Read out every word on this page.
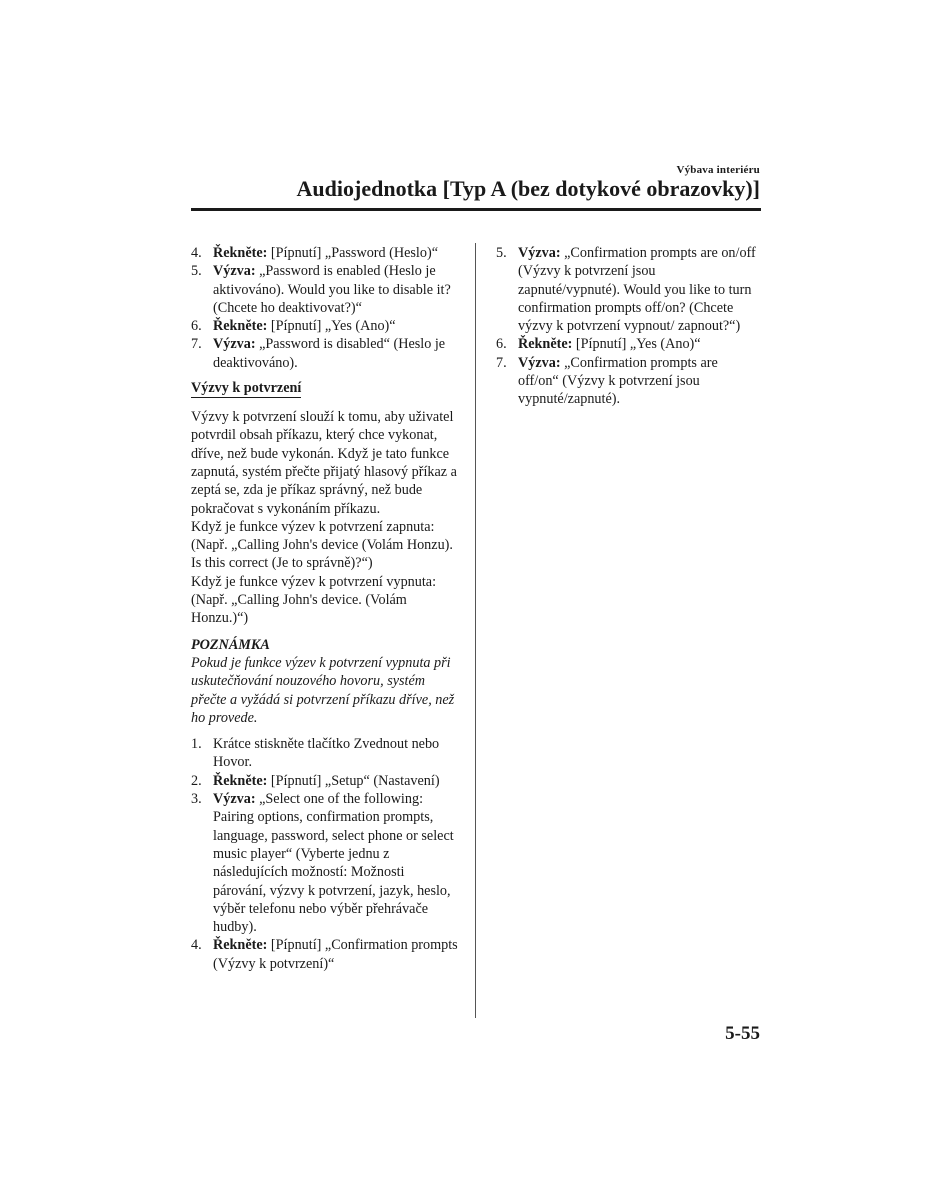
Výbava interiéru
Audiojednotka [Typ A (bez dotykové obrazovky)]
4. Řekněte: [Pípnutí] „Password (Heslo)“
5. Výzva: „Password is enabled (Heslo je aktivováno). Would you like to disable it? (Chcete ho deaktivovat?)“
6. Řekněte: [Pípnutí] „Yes (Ano)“
7. Výzva: „Password is disabled“ (Heslo je deaktivováno).
Výzvy k potvrzení

Výzvy k potvrzení slouží k tomu, aby uživatel potvrdil obsah příkazu, který chce vykonat, dříve, než bude vykonán. Když je tato funkce zapnutá, systém přečte přijatý hlasový příkaz a zeptá se, zda je příkaz správný, než bude pokračovat s vykonáním příkazu.

Když je funkce výzev k potvrzení zapnuta: (Např. „Calling John's device (Volám Honzu). Is this correct (Je to správně)?“)

Když je funkce výzev k potvrzení vypnuta: (Např. „Calling John's device. (Volám Honzu.)“)

POZNÁMKA
Pokud je funkce výzev k potvrzení vypnuta při uskutečňování nouzového hovoru, systém přečte a vyžádá si potvrzení příkazu dříve, než ho provede.
1. Krátce stiskněte tlačítko Zvednout nebo Hovor.
2. Řekněte: [Pípnutí] „Setup“ (Nastavení)
3. Výzva: „Select one of the following: Pairing options, confirmation prompts, language, password, select phone or select music player“ (Vyberte jednu z následujících možností: Možnosti párování, výzvy k potvrzení, jazyk, heslo, výběr telefonu nebo výběr přehrávače hudby).
4. Řekněte: [Pípnutí] „Confirmation prompts (Výzvy k potvrzení)“
5. Výzva: „Confirmation prompts are on/off (Výzvy k potvrzení jsou zapnuté/vypnuté). Would you like to turn confirmation prompts off/on? (Chcete výzvy k potvrzení vypnout/ zapnout?“)
6. Řekněte: [Pípnutí] „Yes (Ano)“
7. Výzva: „Confirmation prompts are off/on“ (Výzvy k potvrzení jsou vypnuté/zapnuté).
5-55
